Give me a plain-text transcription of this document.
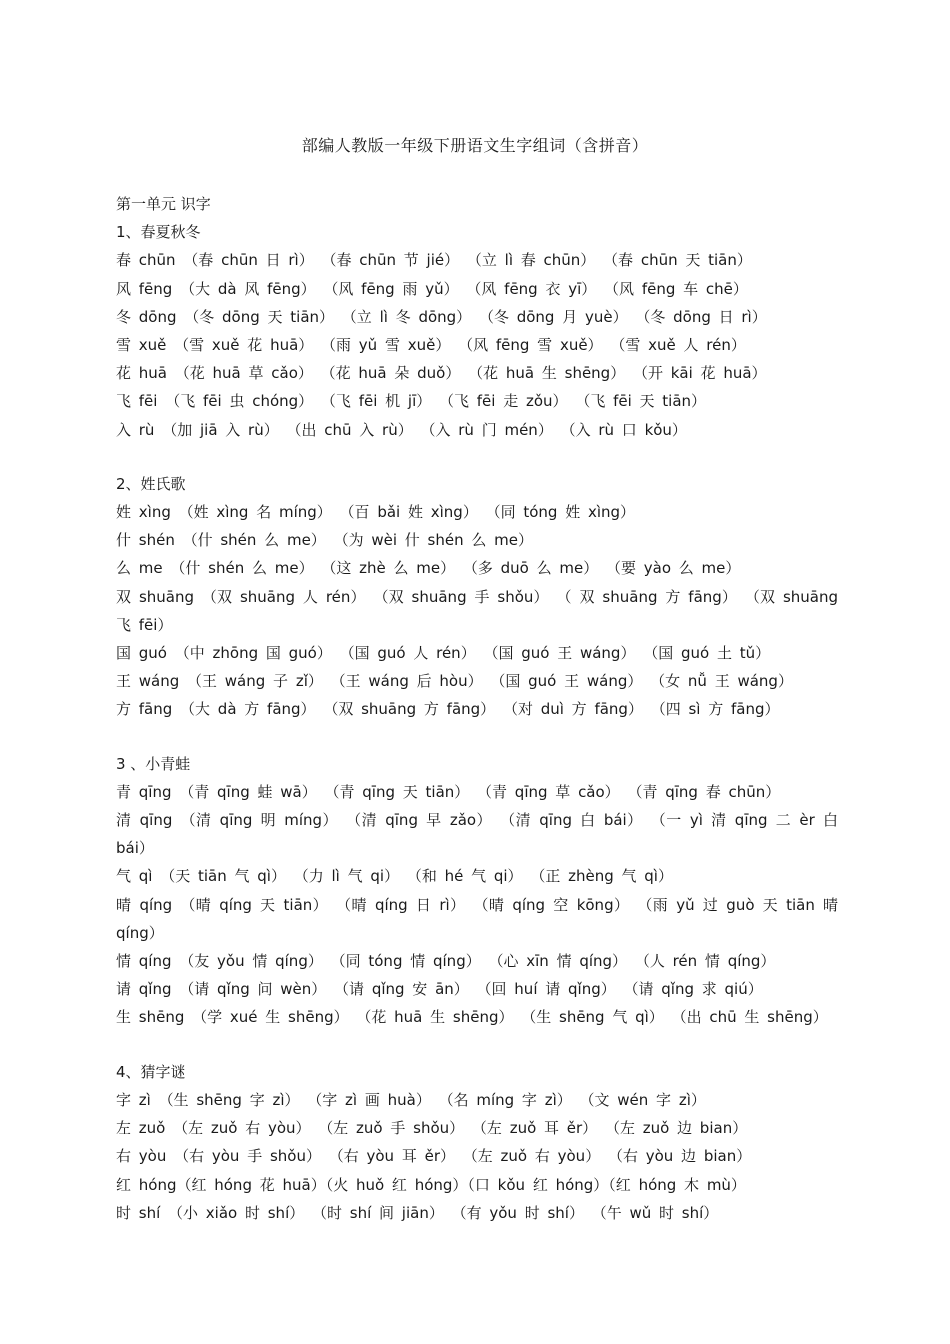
部编人教版一年级下册语文生字组词（含拼音）
第一单元 识字
1、春夏秋冬
春 chūn （春 chūn 日 rì） （春 chūn 节 jié） （立 lì 春 chūn） （春 chūn 天 tiān）
风 fēng （大 dà 风 fēng） （风 fēng 雨 yǔ） （风 fēng 衣 yī） （风 fēng 车 chē）
冬 dōng （冬 dōng 天 tiān） （立 lì 冬 dōng） （冬 dōng 月 yuè） （冬 dōng 日 rì）
雪 xuě （雪 xuě 花 huā） （雨 yǔ 雪 xuě） （风 fēng 雪 xuě） （雪 xuě 人 rén）
花 huā （花 huā 草 cǎo） （花 huā 朵 duǒ） （花 huā 生 shēng） （开 kāi 花 huā）
飞 fēi （飞 fēi 虫 chóng） （飞 fēi 机 jī） （飞 fēi 走 zǒu） （飞 fēi 天 tiān）
入 rù （加 jiā 入 rù） （出 chū 入 rù） （入 rù 门 mén） （入 rù 口 kǒu）
2、姓氏歌
姓 xìng （姓 xìng 名 míng） （百 bǎi 姓 xìng） （同 tóng 姓 xìng）
什 shén （什 shén 么 me） （为 wèi 什 shén 么 me）
么 me （什 shén 么 me） （这 zhè 么 me） （多 duō 么 me） （要 yào 么 me）
双 shuāng （双 shuāng 人 rén） （双 shuāng 手 shǒu） （ 双 shuāng 方 fāng） （双 shuāng 飞 fēi）
国 guó （中 zhōng 国 guó） （国 guó 人 rén） （国 guó 王 wáng） （国 guó 土 tǔ）
王 wáng （王 wáng 子 zǐ） （王 wáng 后 hòu） （国 guó 王 wáng） （女 nǚ 王 wáng）
方 fāng （大 dà 方 fāng） （双 shuāng 方 fāng） （对 duì 方 fāng） （四 sì 方 fāng）
3 、小青蛙
青 qīng （青 qīng 蛙 wā） （青 qīng 天 tiān） （青 qīng 草 cǎo） （青 qīng 春 chūn）
清 qīng （清 qīng 明 míng） （清 qīng 早 zǎo） （清 qīng 白 bái） （一 yì 清 qīng 二 èr 白 bái）
气 qì （天 tiān 气 qì） （力 lì 气 qi） （和 hé 气 qi） （正 zhèng 气 qì）
晴 qíng （晴 qíng 天 tiān） （晴 qíng 日 rì） （晴 qíng 空 kōng） （雨 yǔ 过 guò 天 tiān 晴 qíng）
情 qíng （友 yǒu 情 qíng） （同 tóng 情 qíng） （心 xīn 情 qíng） （人 rén 情 qíng）
请 qǐng （请 qǐng 问 wèn） （请 qǐng 安 ān） （回 huí 请 qǐng） （请 qǐng 求 qiú）
生 shēng （学 xué 生 shēng） （花 huā 生 shēng） （生 shēng 气 qì） （出 chū 生 shēng）
4、猜字谜
字 zì （生 shēng 字 zì） （字 zì 画 huà） （名 míng 字 zì） （文 wén 字 zì）
左 zuǒ （左 zuǒ 右 yòu） （左 zuǒ 手 shǒu） （左 zuǒ 耳 ěr） （左 zuǒ 边 bian）
右 yòu （右 yòu 手 shǒu） （右 yòu 耳 ěr） （左 zuǒ 右 yòu） （右 yòu 边 bian）
红 hóng（红 hóng 花 huā）（火 huǒ 红 hóng）（口 kǒu 红 hóng）（红 hóng 木 mù）
时 shí （小 xiǎo 时 shí） （时 shí 间 jiān） （有 yǒu 时 shí） （午 wǔ 时 shí）
